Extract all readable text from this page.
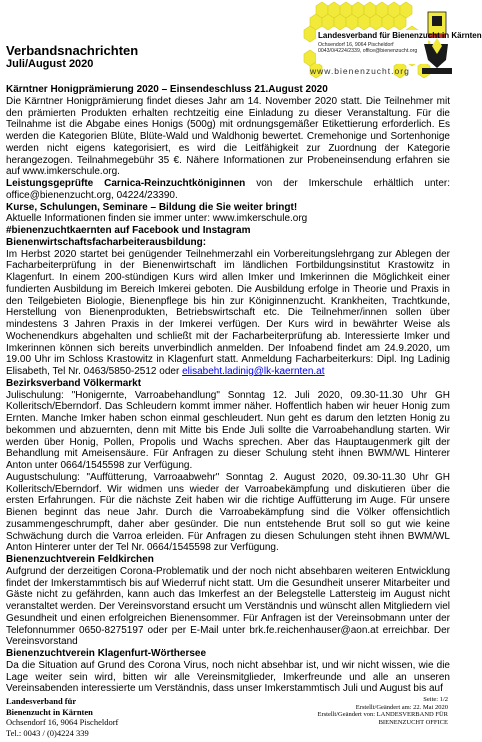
Verbandsnachrichten
Juli/August 2020
Landesverband für Bienenzucht in Kärnten
Ochsendorf 16, 9064 Pischeldorf
0043/0/4224/2339, office@bienenzucht.org
www.bienenzucht.org
Kärntner Honigprämierung 2020 – Einsendeschluss 21.August 2020

Die Kärntner Honigprämierung findet dieses Jahr am 14. November 2020 statt. Die Teilnehmer mit den prämierten Produkten erhalten rechtzeitig eine Einladung zu dieser Veranstaltung. Für die Teilnahme ist die Abgabe eines Honigs (500g) mit ordnungsgemäßer Etikettierung erforderlich. Es werden die Kategorien Blüte, Blüte-Wald und Waldhonig bewertet. Cremehonige und Sortenhonige werden nicht eigens kategorisiert, es wird die Leitfähigkeit zur Zuordnung der Kategorie herangezogen. Teilnahmegebühr 35 €. Nähere Informationen zur Probeneinsendung erfahren sie auf www.imkerschule.org.

Leistungsgeprüfte Carnica-Reinzuchtköniginnen von der Imkerschule erhältlich unter: office@bienenzucht.org, 04224/23390.

Kurse, Schulungen, Seminare – Bildung die Sie weiter bringt!

Aktuelle Informationen finden sie immer unter: www.imkerschule.org

#bienenzuchtkaernten auf Facebook und Instagram
Bienenwirtschaftsfacharbeiterausbildung:

Im Herbst 2020 startet bei genügender Teilnehmerzahl ein Vorbereitungslehrgang zur Ablegen der Facharbeiterprüfung in der Bienenwirtschaft im ländlichen Fortbildungsinstitut Krastowitz in Klagenfurt. In einem 200-stündigen Kurs wird allen Imker und Imkerinnen die Möglichkeit einer fundierten Ausbildung im Bereich Imkerei geboten. Die Ausbildung erfolge in Theorie und Praxis in den Teilgebieten Biologie, Bienenpflege bis hin zur Königinnenzucht. Krankheiten, Trachtkunde, Herstellung von Bienenprodukten, Betriebswirtschaft etc. Die Teilnehmer/innen sollen über mindestens 3 Jahren Praxis in der Imkerei verfügen. Der Kurs wird in bewährter Weise als Wochenendkurs abgehalten und schließt mit der Facharbeiterprüfung ab. Interessierte Imker und Imkerinnen können sich bereits unverbindlich anmelden. Der Infoabend findet am 24.9.2020, um 19.00 Uhr im Schloss Krastowitz in Klagenfurt statt. Anmeldung Facharbeiterkurs: Dipl. Ing Ladinig Elisabeth, Tel Nr. 0463/5850-2512 oder elisabeht.ladinig@lk-kaernten.at

Bezirksverband Völkermarkt

Julischulung: "Honigernte, Varroabehandlung" Sonntag 12. Juli 2020, 09.30-11.30 Uhr GH Kolleritsch/Eberndorf. Das Schleudern kommt immer näher. Hoffentlich haben wir heuer Honig zum Ernten. Manche Imker haben schon einmal geschleudert. Nun geht es darum den letzten Honig zu bekommen und abzuernten, denn mit Mitte bis Ende Juli sollte die Varroabehandlung starten. Wir werden über Honig, Pollen, Propolis und Wachs sprechen. Aber das Hauptaugenmerk gilt der Behandlung mit Ameisensäure. Für Anfragen zu dieser Schulung steht ihnen BWM/WL Hinterer Anton unter 0664/1545598 zur Verfügung.

Augustschulung: "Auffütterung, Varroaabwehr" Sonntag 2. August 2020, 09.30-11.30 Uhr GH Kolleritsch/Eberndorf. Wir widmen uns wieder der Varroabekämpfung und diskutieren über die ersten Erfahrungen. Für die nächste Zeit haben wir die richtige Auffütterung im Auge. Für unsere Bienen beginnt das neue Jahr. Durch die Varroabekämpfung sind die Völker offensichtlich zusammengeschrumpft, daher aber gesünder. Die nun entstehende Brut soll so gut wie keine Schwächung durch die Varroa erleiden. Für Anfragen zu diesen Schulungen steht ihnen BWM/WL Anton Hinterer unter der Tel Nr. 0664/1545598 zur Verfügung.

Bienenzuchtverein Feldkirchen

Aufgrund der derzeitigen Corona-Problematik und der noch nicht absehbaren weiteren Entwicklung findet der Imkerstammtisch bis auf Wiederruf nicht statt. Um die Gesundheit unserer Mitarbeiter und Gäste nicht zu gefährden, kann auch das Imkerfest an der Belegstelle Lattersteig im August nicht veranstaltet werden. Der Vereinsvorstand ersucht um Verständnis und wünscht allen Mitgliedern viel Gesundheit und einen erfolgreichen Bienensommer. Für Anfragen ist der Vereinsobmann unter der Telefonnummer 0650-8275197 oder per E-Mail unter brk.fe.reichenhauser@aon.at erreichbar. Der Vereinsvorstand

Bienenzuchtverein Klagenfurt-Wörthersee

Da die Situation auf Grund des Corona Virus, noch nicht absehbar ist, und wir nicht wissen, wie die Lage weiter sein wird, bitten wir alle Vereinsmitglieder, Imkerfreunde und alle an unseren Vereinsabenden interessierte um Verständnis, dass unser Imkerstammtisch Juli und August bis auf

Landesverband für
Bienenzucht in Kärnten
Ochsendorf 16, 9064 Pischeldorf
Tel.: 0043 / (0)4224 339
Seite: 1/2
Erstellt/Geändert am: 22. Mai 2020
Erstellt/Geändert von: LANDESVERBAND FÜR
BIENENZUCHT OFFICE
